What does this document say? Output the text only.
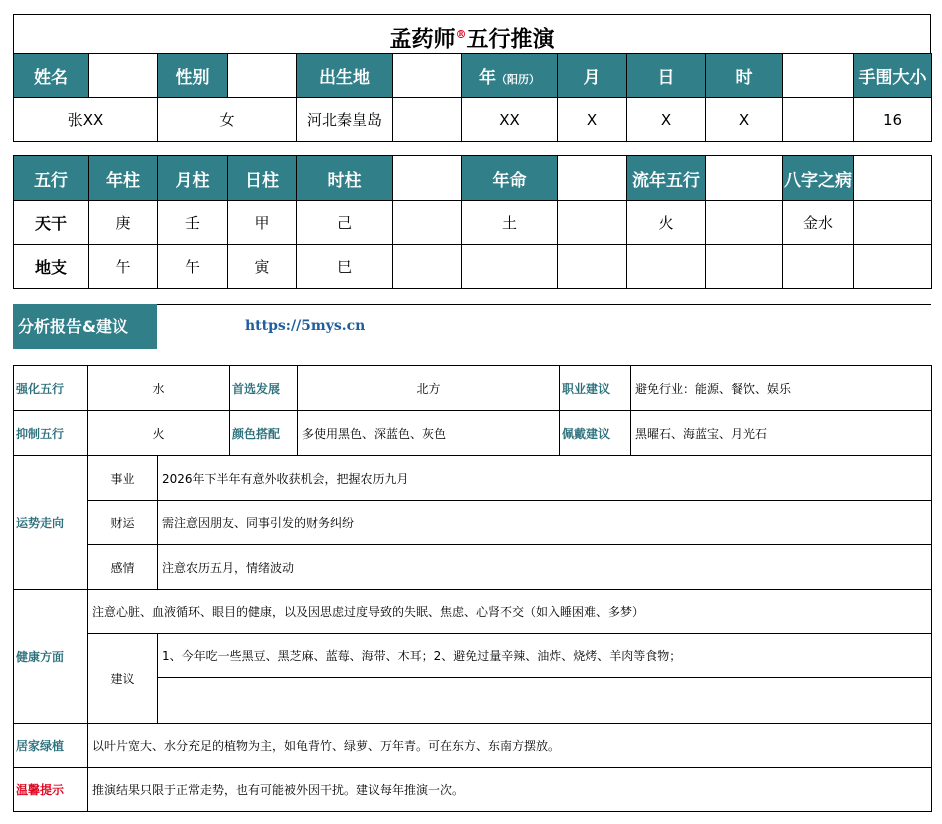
孟药师®五行推演
姓名		性别		出生地		年（阳历）	月	日	时		手围大小
张XX		女		河北秦皇岛		XX	X	X	X		16
五行	年柱	月柱	日柱	时柱		年命		流年五行		八字之病	
天干	庚	壬	甲	己		土		火		金水	
地支	午	午	寅	巳							
分析报告&建议	https://5mys.cn
强化五行	水		首选发展	北方	职业建议	避免行业：能源、餐饮、娱乐
抑制五行	火		颜色搭配	多使用黑色、深蓝色、灰色	佩戴建议	黑曜石、海蓝宝、月光石
运势走向	事业	2026年下半年有意外收获机会，把握农历九月				
	财运	需注意因朋友、同事引发的财务纠纷				
	感情	注意农历五月，情绪波动				
健康方面	注意心脏、血液循环、眼目的健康，以及因思虑过度导致的失眠、焦虑、心肾不交（如入睡困难、多梦）					
	建议	1、今年吃一些黑豆、黑芝麻、蓝莓、海带、木耳；2、避免过量辛辣、油炸、烧烤、羊肉等食物；				

居家绿植	以叶片宽大、水分充足的植物为主，如龟背竹、绿萝、万年青。可在东方、东南方摆放。					
温馨提示	推演结果只限于正常走势，也有可能被外因干扰。建议每年推演一次。					
